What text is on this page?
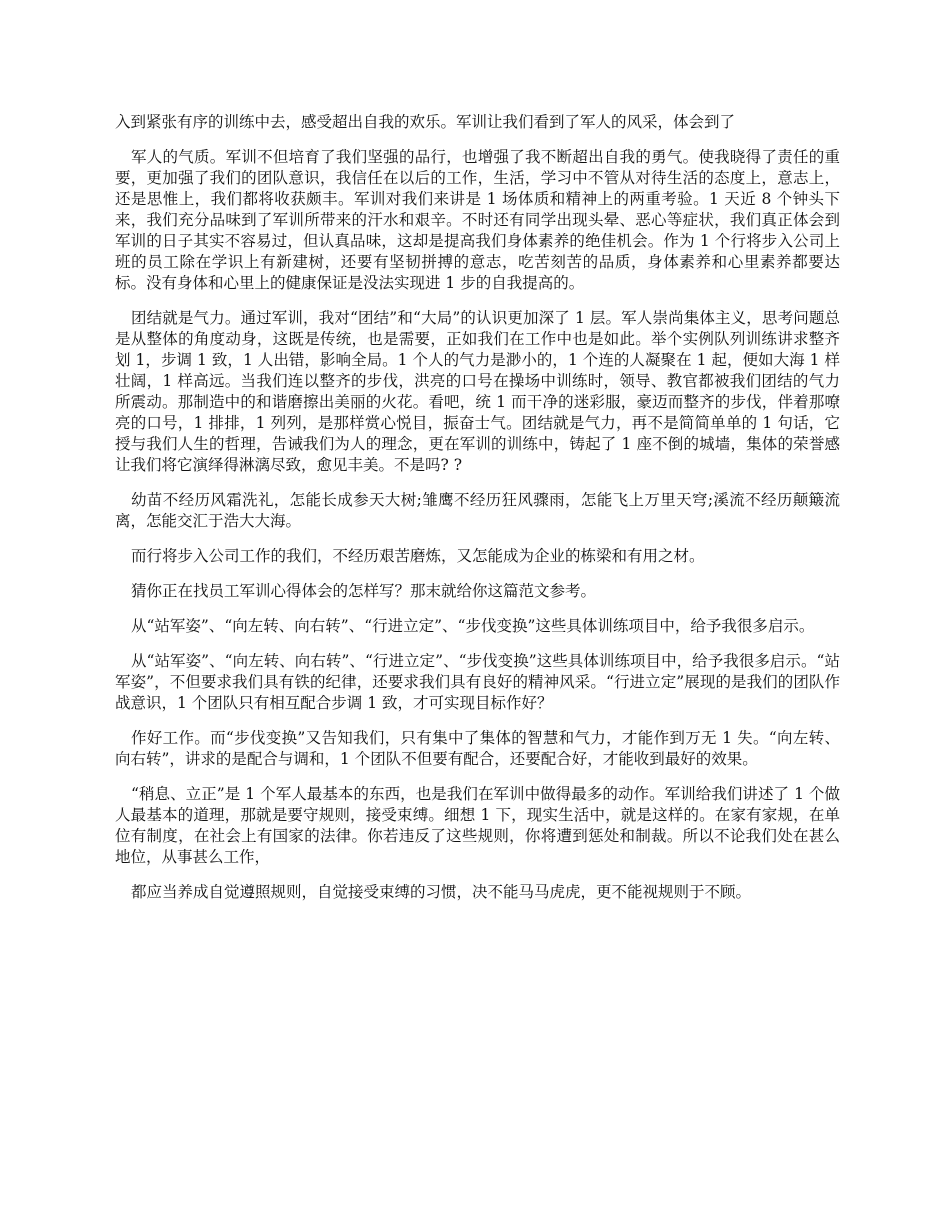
入到紧张有序的训练中去，感受超出自我的欢乐。军训让我们看到了军人的风采，体会到了

军人的气质。军训不但培育了我们坚强的品行，也增强了我不断超出自我的勇气。使我晓得了责任的重要，更加强了我们的团队意识，我信任在以后的工作，生活，学习中不管从对待生活的态度上，意志上，还是思惟上，我们都将收获颇丰。军训对我们来讲是 1 场体质和精神上的两重考验。1 天近 8 个钟头下来，我们充分品味到了军训所带来的汗水和艰辛。不时还有同学出现头晕、恶心等症状，我们真正体会到军训的日子其实不容易过，但认真品味，这却是提高我们身体素养的绝佳机会。作为 1 个行将步入公司上班的员工除在学识上有新建树，还要有坚韧拼搏的意志，吃苦刻苦的品质，身体素养和心里素养都要达标。没有身体和心里上的健康保证是没法实现进 1 步的自我提高的。

团结就是气力。通过军训，我对“团结”和“大局”的认识更加深了 1 层。军人崇尚集体主义，思考问题总是从整体的角度动身，这既是传统，也是需要，正如我们在工作中也是如此。举个实例队列训练讲求整齐划 1，步调 1 致，1 人出错，影响全局。1 个人的气力是渺小的，1 个连的人凝聚在 1 起，便如大海 1 样壮阔，1 样高远。当我们连以整齐的步伐，洪亮的口号在操场中训练时，领导、教官都被我们团结的气力所震动。那制造中的和谐磨擦出美丽的火花。看吧，统 1 而干净的迷彩服，豪迈而整齐的步伐，伴着那嘹亮的口号，1 排排，1 列列，是那样赏心悦目，振奋士气。团结就是气力，再不是简简单单的 1 句话，它授与我们人生的哲理，告诫我们为人的理念，更在军训的训练中，铸起了 1 座不倒的城墙，集体的荣誉感让我们将它演绎得淋漓尽致，愈见丰美。不是吗? ?

幼苗不经历风霜洗礼，怎能长成参天大树;雏鹰不经历狂风骤雨，怎能飞上万里天穹;溪流不经历颠簸流离，怎能交汇于浩大大海。

而行将步入公司工作的我们，不经历艰苦磨炼，又怎能成为企业的栋梁和有用之材。

猜你正在找员工军训心得体会的怎样写？那末就给你这篇范文参考。

从“站军姿”、“向左转、向右转”、“行进立定”、“步伐变换”这些具体训练项目中，给予我很多启示。

从“站军姿”、“向左转、向右转”、“行进立定”、“步伐变换”这些具体训练项目中，给予我很多启示。“站军姿”，不但要求我们具有铁的纪律，还要求我们具有良好的精神风采。“行进立定”展现的是我们的团队作战意识，1 个团队只有相互配合步调 1 致，才可实现目标作好？

作好工作。而“步伐变换”又告知我们，只有集中了集体的智慧和气力，才能作到万无 1 失。“向左转、向右转”，讲求的是配合与调和，1 个团队不但要有配合，还要配合好，才能收到最好的效果。

“稍息、立正”是 1 个军人最基本的东西，也是我们在军训中做得最多的动作。军训给我们讲述了 1 个做人最基本的道理，那就是要守规则，接受束缚。细想 1 下，现实生活中，就是这样的。在家有家规，在单位有制度，在社会上有国家的法律。你若违反了这些规则，你将遭到惩处和制裁。所以不论我们处在甚么地位，从事甚么工作，

都应当养成自觉遵照规则，自觉接受束缚的习惯，决不能马马虎虎，更不能视规则于不顾。
